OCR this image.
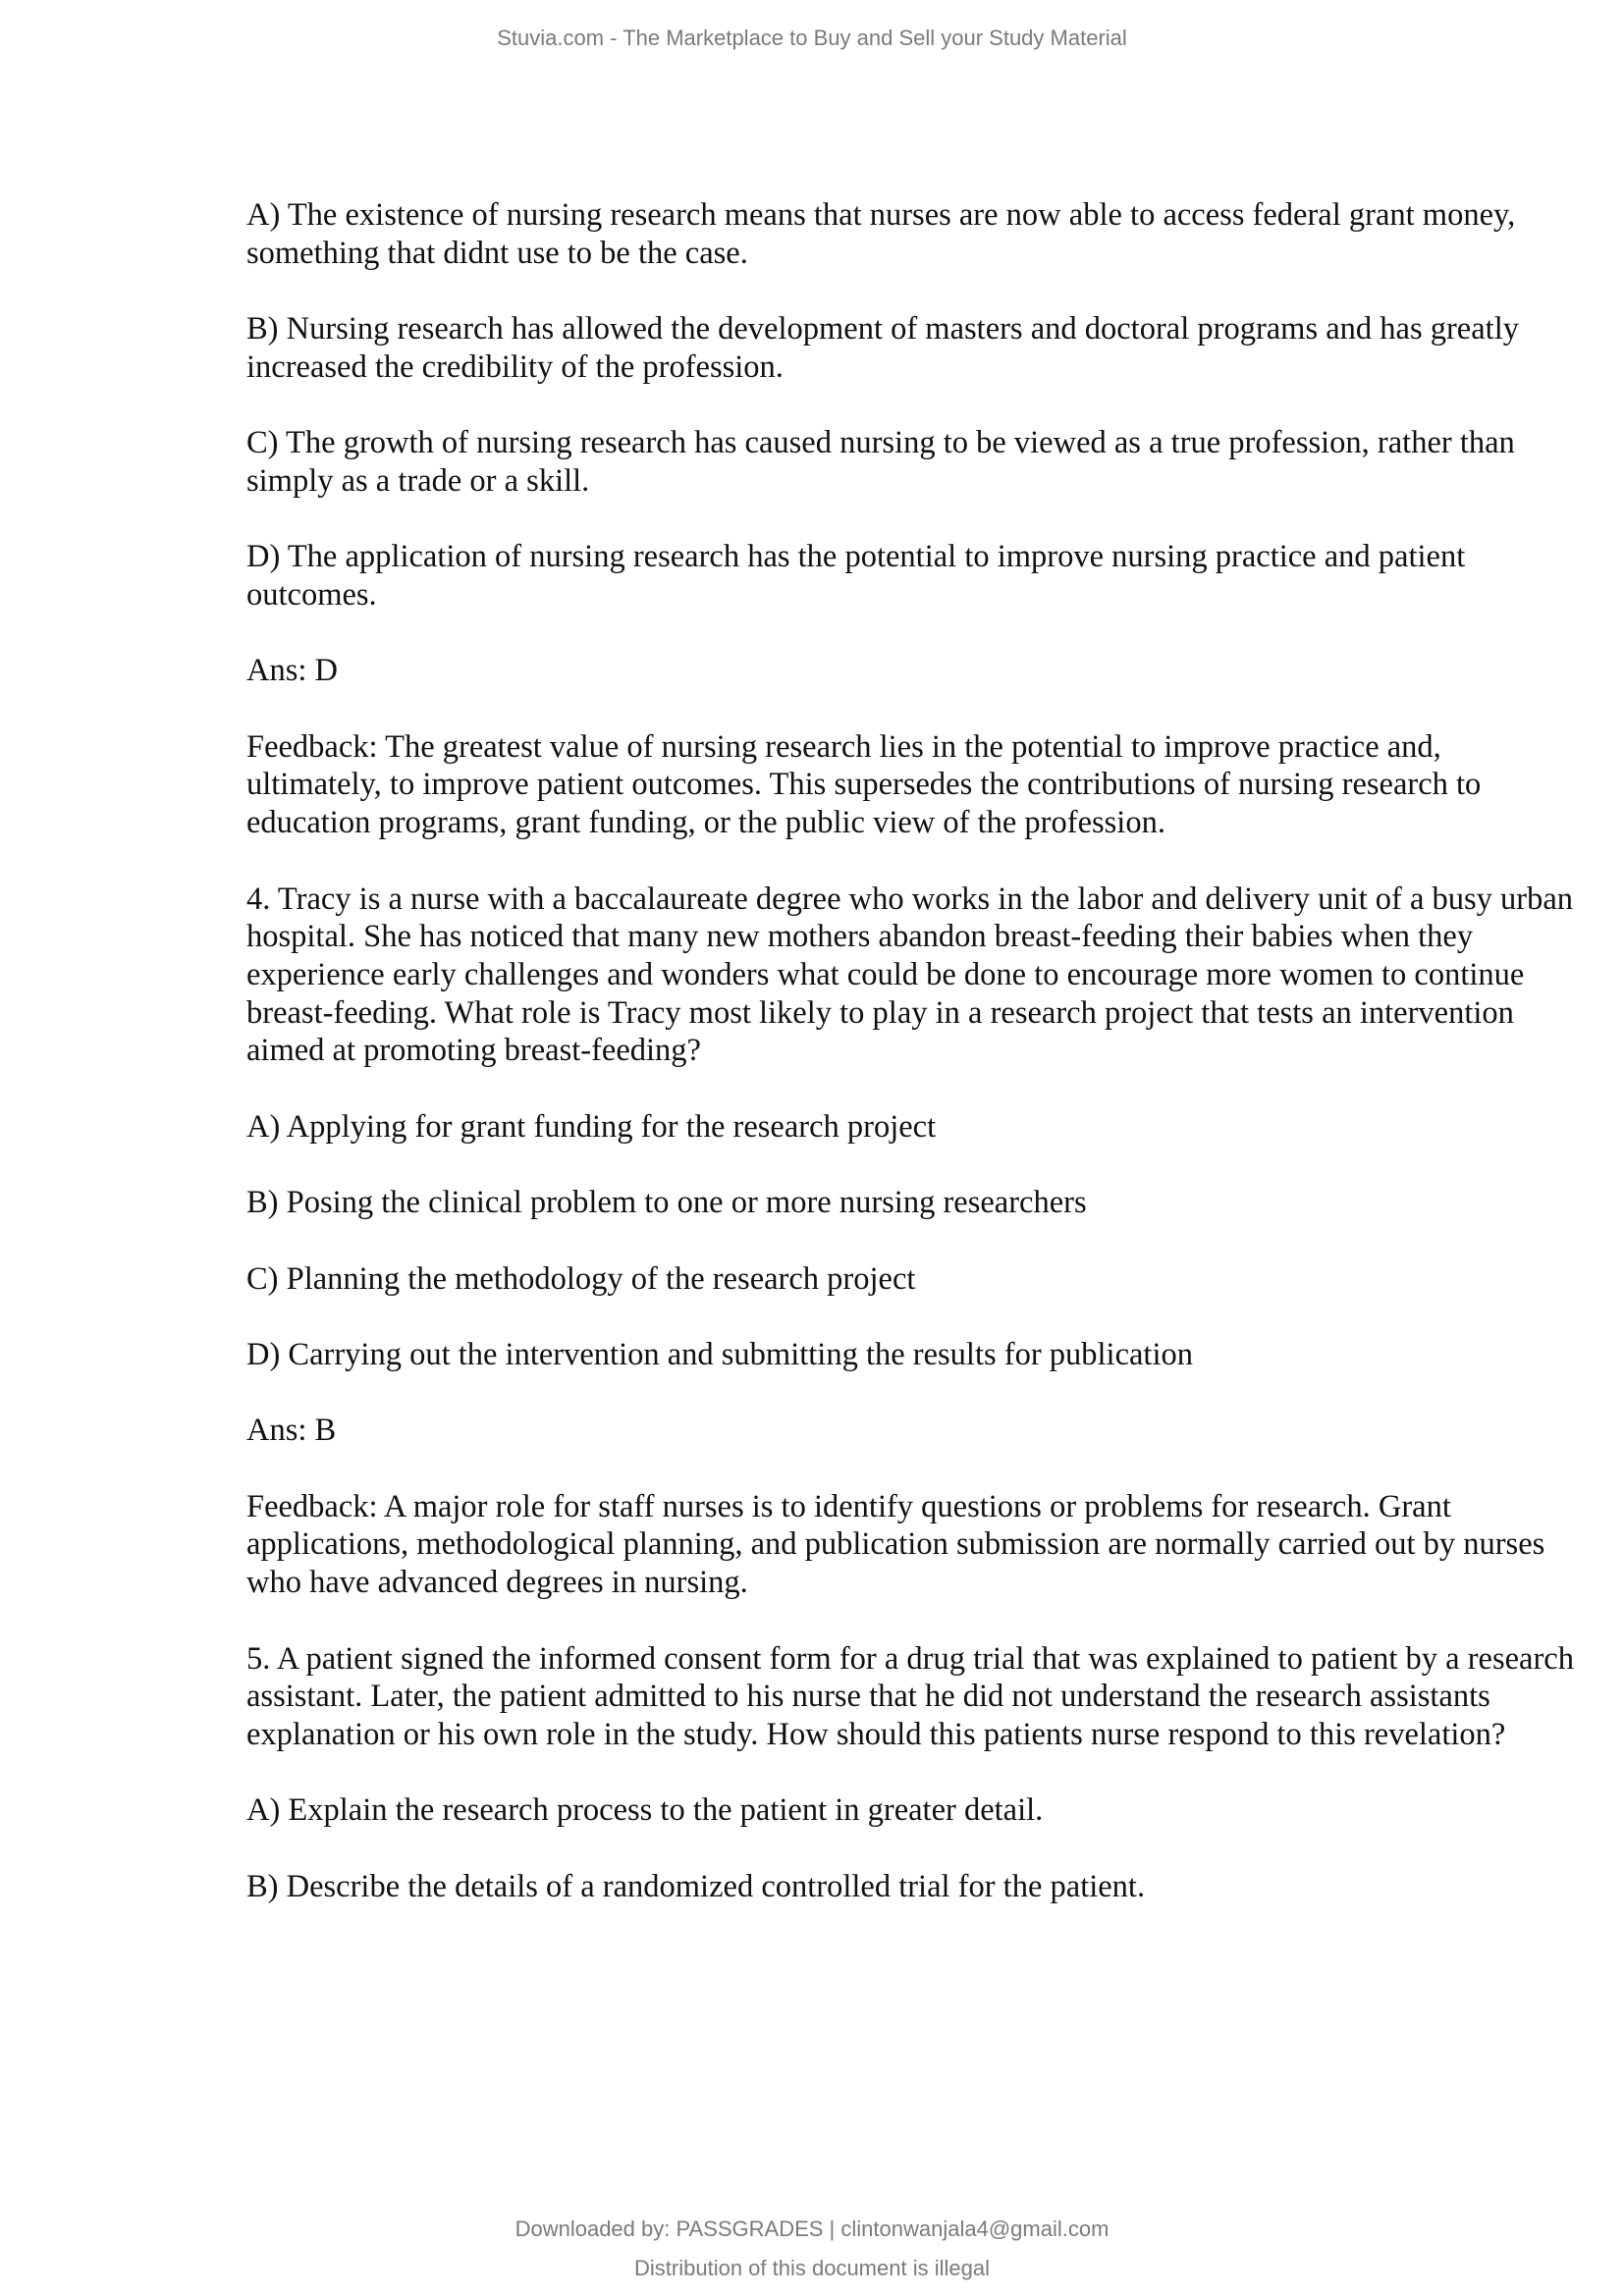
Stuvia.com - The Marketplace to Buy and Sell your Study Material

A) The existence of nursing research means that nurses are now able to access federal grant money, something that didnt use to be the case.

B) Nursing research has allowed the development of masters and doctoral programs and has greatly increased the credibility of the profession.

C) The growth of nursing research has caused nursing to be viewed as a true profession, rather than simply as a trade or a skill.

D) The application of nursing research has the potential to improve nursing practice and patient outcomes.

Ans: D

Feedback: The greatest value of nursing research lies in the potential to improve practice and, ultimately, to improve patient outcomes. This supersedes the contributions of nursing research to education programs, grant funding, or the public view of the profession.

4. Tracy is a nurse with a baccalaureate degree who works in the labor and delivery unit of a busy urban hospital. She has noticed that many new mothers abandon breast-feeding their babies when they experience early challenges and wonders what could be done to encourage more women to continue breast-feeding. What role is Tracy most likely to play in a research project that tests an intervention aimed at promoting breast-feeding?

A) Applying for grant funding for the research project

B) Posing the clinical problem to one or more nursing researchers

C) Planning the methodology of the research project

D) Carrying out the intervention and submitting the results for publication

Ans: B

Feedback: A major role for staff nurses is to identify questions or problems for research. Grant applications, methodological planning, and publication submission are normally carried out by nurses who have advanced degrees in nursing.

5. A patient signed the informed consent form for a drug trial that was explained to patient by a research assistant. Later, the patient admitted to his nurse that he did not understand the research assistants explanation or his own role in the study. How should this patients nurse respond to this revelation?

A) Explain the research process to the patient in greater detail.

B) Describe the details of a randomized controlled trial for the patient.

Downloaded by: PASSGRADES | clintonwanjala4@gmail.com
Distribution of this document is illegal
